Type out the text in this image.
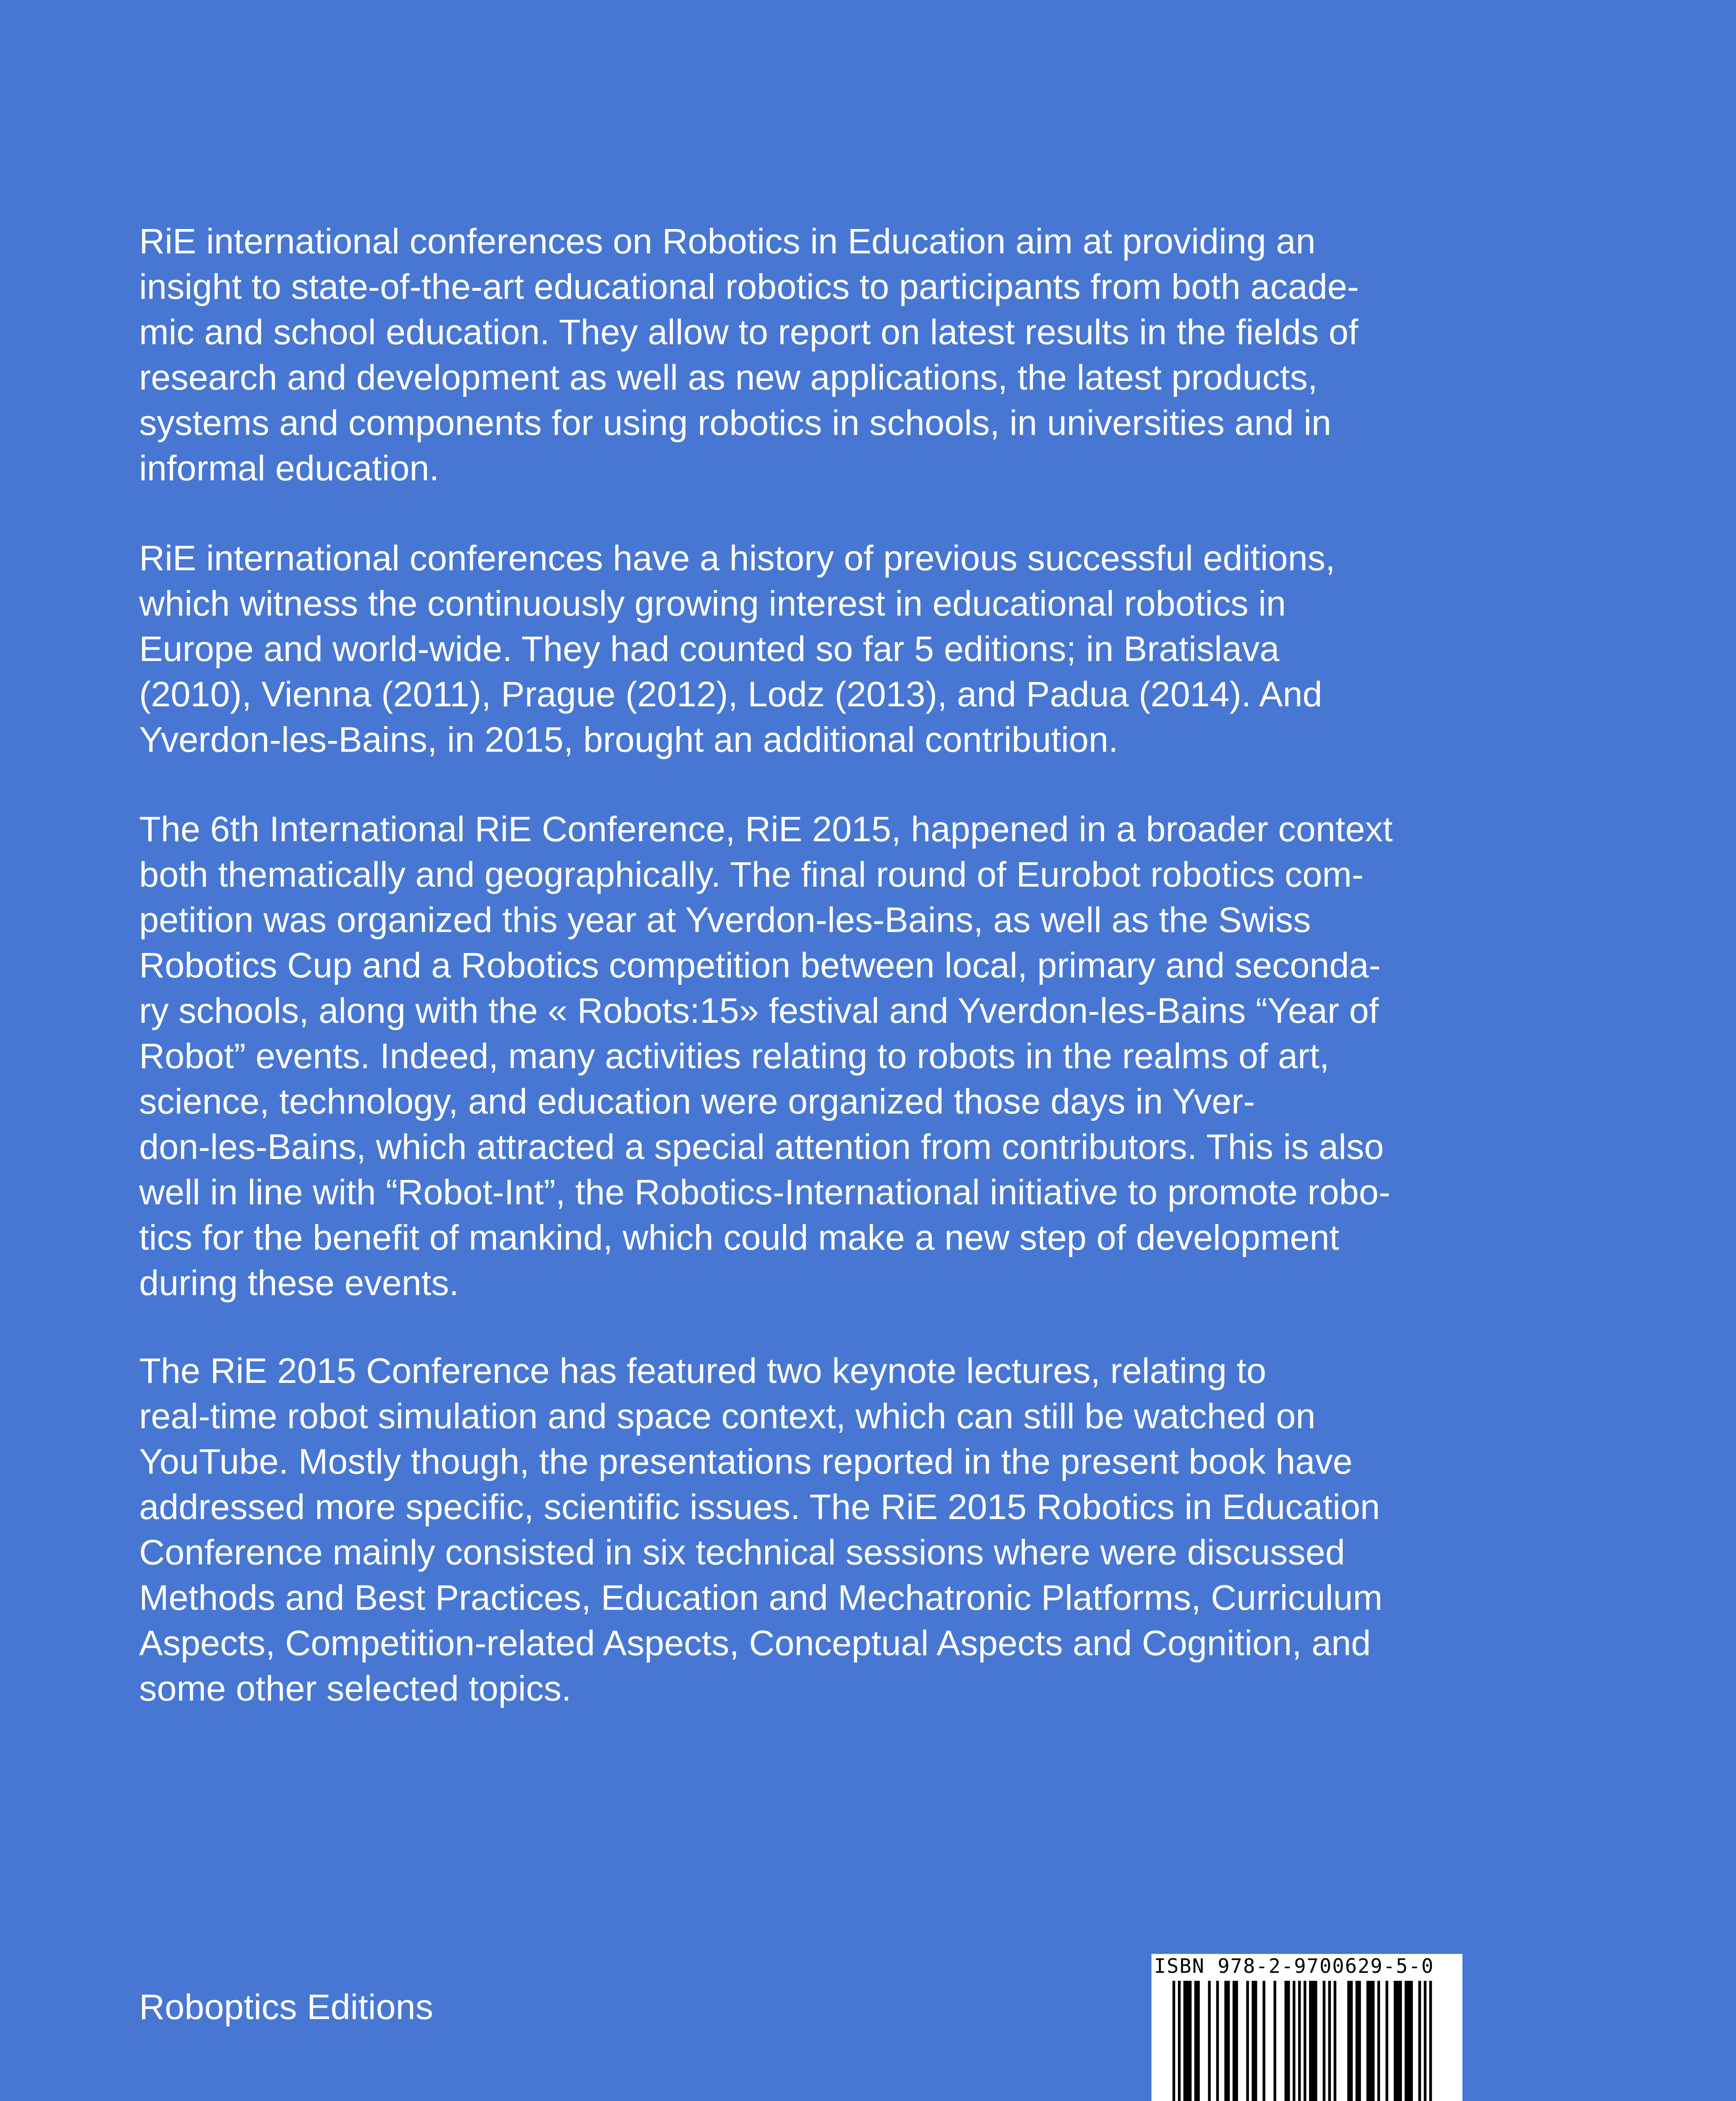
RiE international conferences on Robotics in Education aim at providing an
insight to state-of-the-art educational robotics to participants from both acade-
mic and school education. They allow to report on latest results in the fields of
research and development as well as new applications, the latest products,
systems and components for using robotics in schools, in universities and in
informal education.
RiE international conferences have a history of previous successful editions,
which witness the continuously growing interest in educational robotics in
Europe and world-wide. They had counted so far 5 editions; in Bratislava
(2010), Vienna (2011), Prague (2012), Lodz (2013), and Padua (2014). And
Yverdon-les-Bains, in 2015, brought an additional contribution.
The 6th International RiE Conference, RiE 2015, happened in a broader context
both thematically and geographically. The final round of Eurobot robotics com-
petition was organized this year at Yverdon-les-Bains, as well as the Swiss
Robotics Cup and a Robotics competition between local, primary and seconda-
ry schools, along with the « Robots:15» festival and Yverdon-les-Bains “Year of
Robot” events. Indeed, many activities relating to robots in the realms of art,
science, technology, and education were organized those days in Yver-
don-les-Bains, which attracted a special attention from contributors. This is also
well in line with “Robot-Int”, the Robotics-International initiative to promote robo-
tics for the benefit of mankind, which could make a new step of development
during these events.
The RiE 2015 Conference has featured two keynote lectures, relating to
real-time robot simulation and space context, which can still be watched on
YouTube. Mostly though, the presentations reported in the present book have
addressed more specific, scientific issues. The RiE 2015 Robotics in Education
Conference mainly consisted in six technical sessions where were discussed
Methods and Best Practices, Education and Mechatronic Platforms, Curriculum
Aspects, Competition-related Aspects, Conceptual Aspects and Cognition, and
some other selected topics.
Roboptics Editions
ISBN 978-2-9700629-5-0
